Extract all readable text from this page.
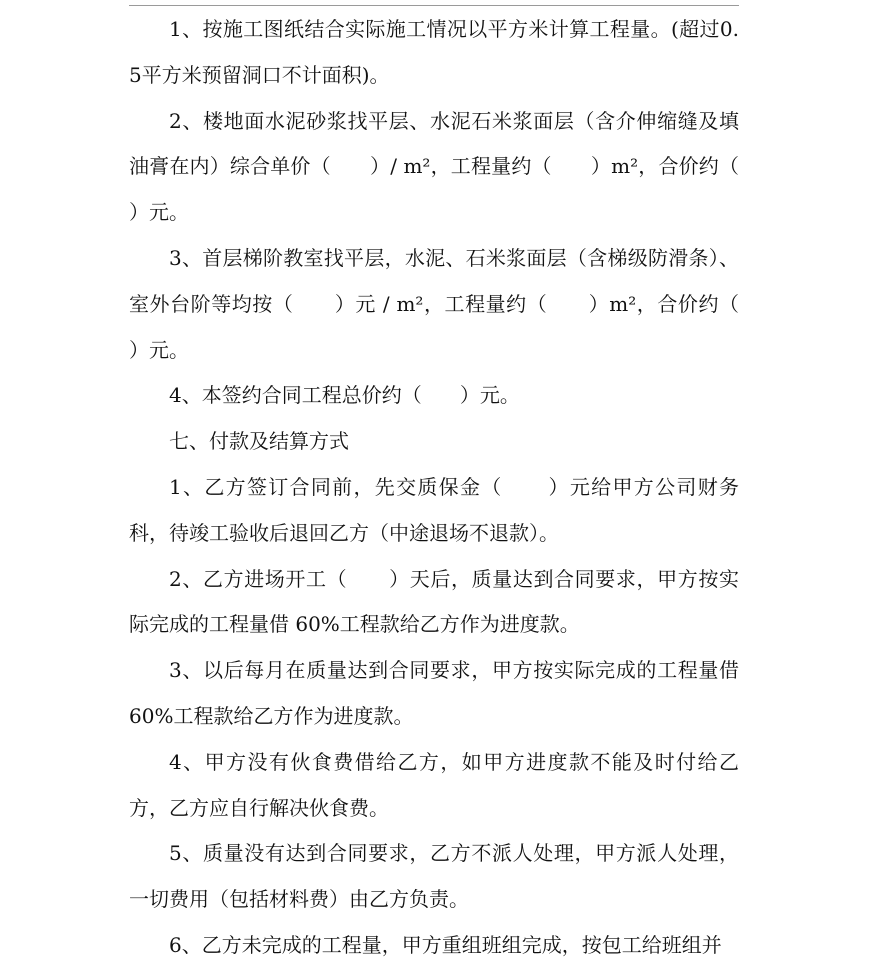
1、按施工图纸结合实际施工情况以平方米计算工程量。(超过0.5平方米预留洞口不计面积)。

2、楼地面水泥砂浆找平层、水泥石米浆面层（含介伸缩缝及填油膏在内）综合单价（      ）/ m²，工程量约（      ）m²，合价约（      ）元。

3、首层梯阶教室找平层，水泥、石米浆面层（含梯级防滑条）、室外台阶等均按（      ）元 / m²，工程量约（      ）m²，合价约（      ）元。

4、本签约合同工程总价约（      ）元。

七、付款及结算方式

1、乙方签订合同前，先交质保金（      ）元给甲方公司财务科，待竣工验收后退回乙方（中途退场不退款）。

2、乙方进场开工（      ）天后，质量达到合同要求，甲方按实际完成的工程量借 60%工程款给乙方作为进度款。

3、以后每月在质量达到合同要求，甲方按实际完成的工程量借 60%工程款给乙方作为进度款。

4、甲方没有伙食费借给乙方，如甲方进度款不能及时付给乙方，乙方应自行解决伙食费。

5、质量没有达到合同要求，乙方不派人处理，甲方派人处理，一切费用（包括材料费）由乙方负责。

6、乙方未完成的工程量，甲方重组班组完成，按包工给班组并
